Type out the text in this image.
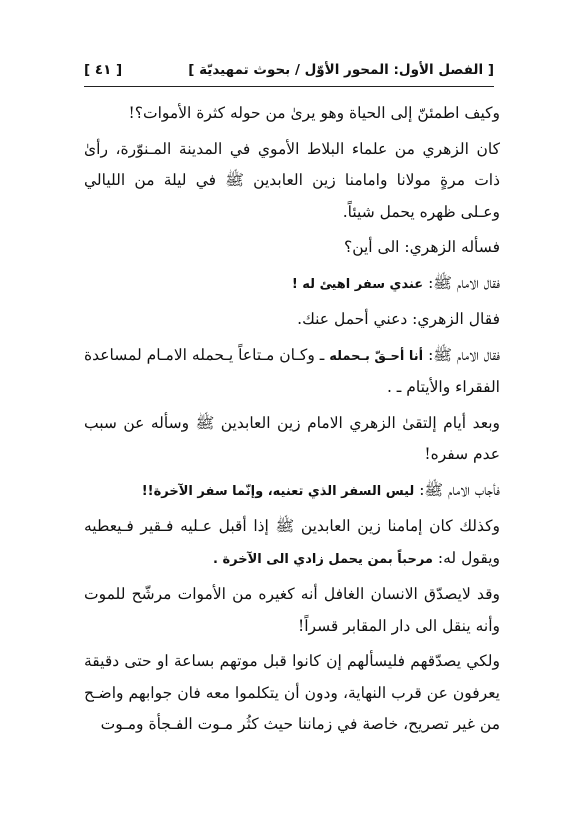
[ الفصل الأول: المحور الأوّل / بحوث تمهيديّة ]
[ ٤١ ]

وكيف اطمئنّ إلى الحياة وهو يرىٰ من حوله كثرة الأموات؟!

كان الزهري من علماء البلاط الأموي في المدينة المـنوّرة، رأىٰ ذات مرةٍ مولانا وامامنا زين العابدين ﷺ في ليلة من الليالي وعـلى ظهره يحمل شيئاً.

فسأله الزهري: الى أين؟

فقال الامام ﷺ: عندي سفر اهيئ له !

فقال الزهري: دعني أحمل عنك.

فقال الامام ﷺ: أنا أحـقّ بـحمله ـ وكـان مـتاعاً يـحمله الامـام لمساعدة الفقراء والأيتام ـ .

وبعد أيام إلتقىٰ الزهري الامام زين العابدين ﷺ وسأله عن سبب عدم سفره!

فأجاب الامام ﷺ: ليس السفر الذي تعنيه، وإنّما سفر الآخرة!!

وكذلك كان إمامنا زين العابدين ﷺ إذا أقبل عـليه فـقير فـيعطيه ويقول له: مرحباً بمن يحمل زادي الى الآخرة .

وقد لايصدّق الانسان الغافل أنه كغيره من الأموات مرشّح للموت وأنه ينقل الى دار المقابر قسراً!

ولكي يصدّقهم فليسألهم إن كانوا قبل موتهم بساعة او حتى دقيقة يعرفون عن قرب النهاية، ودون أن يتكلموا معه فان جوابهم واضـح من غير تصريح، خاصة في زماننا حيث كثُر مـوت الفـجأة ومـوت
